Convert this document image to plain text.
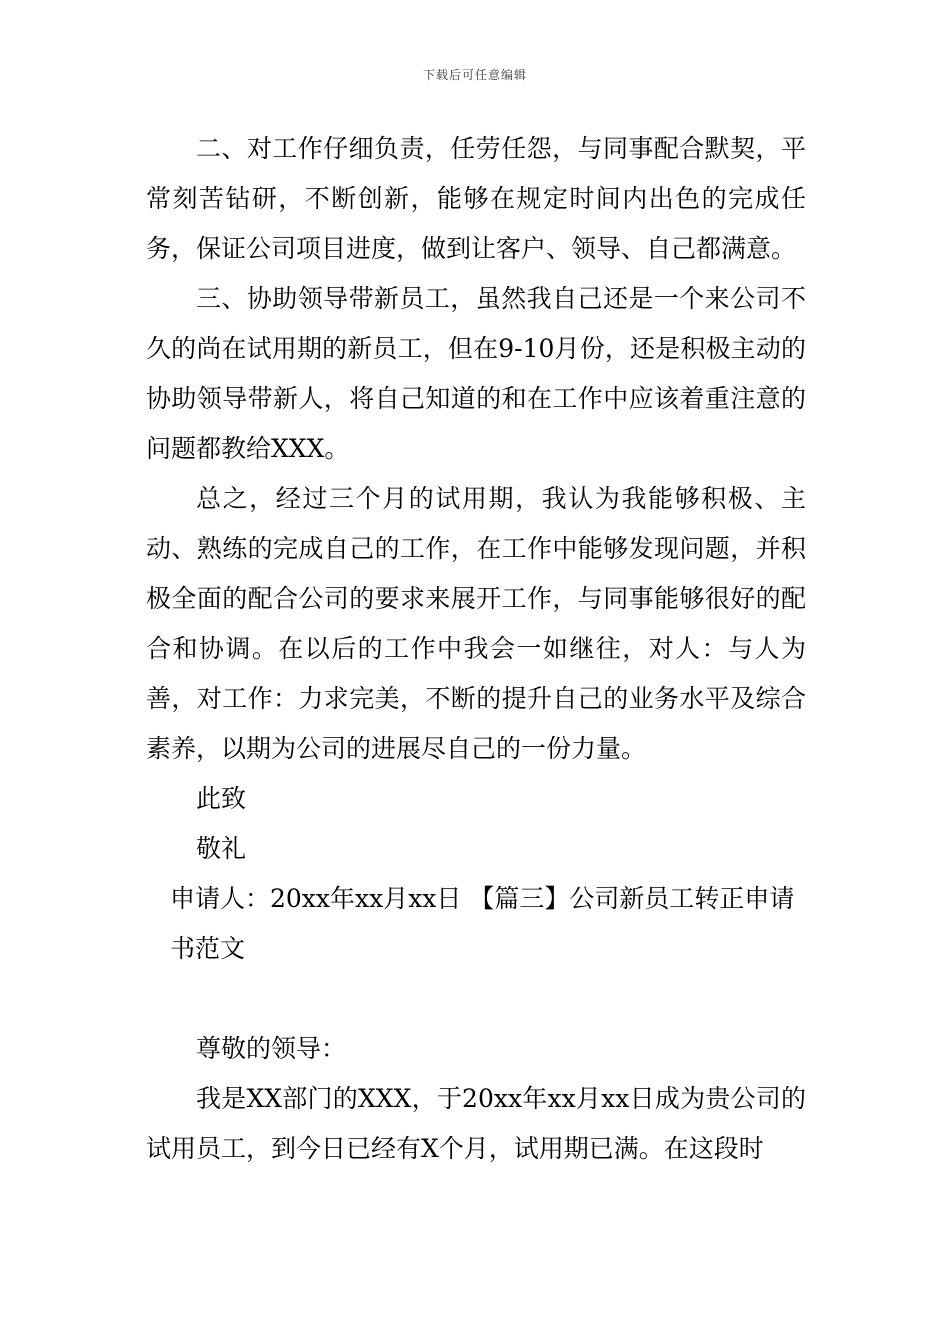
下载后可任意编辑

二、对工作仔细负责，任劳任怨，与同事配合默契，平常刻苦钻研，不断创新，能够在规定时间内出色的完成任务，保证公司项目进度，做到让客户、领导、自己都满意。

三、协助领导带新员工，虽然我自己还是一个来公司不久的尚在试用期的新员工，但在9-10月份，还是积极主动的协助领导带新人，将自己知道的和在工作中应该着重注意的问题都教给XXX。

总之，经过三个月的试用期，我认为我能够积极、主动、熟练的完成自己的工作，在工作中能够发现问题，并积极全面的配合公司的要求来展开工作，与同事能够很好的配合和协调。在以后的工作中我会一如继往，对人：与人为善，对工作：力求完美，不断的提升自己的业务水平及综合素养，以期为公司的进展尽自己的一份力量。

此致

敬礼

申请人：20xx年xx月xx日 【篇三】公司新员工转正申请书范文

尊敬的领导：

我是XX部门的XXX，于20xx年xx月xx日成为贵公司的试用员工，到今日已经有X个月，试用期已满。在这段时
